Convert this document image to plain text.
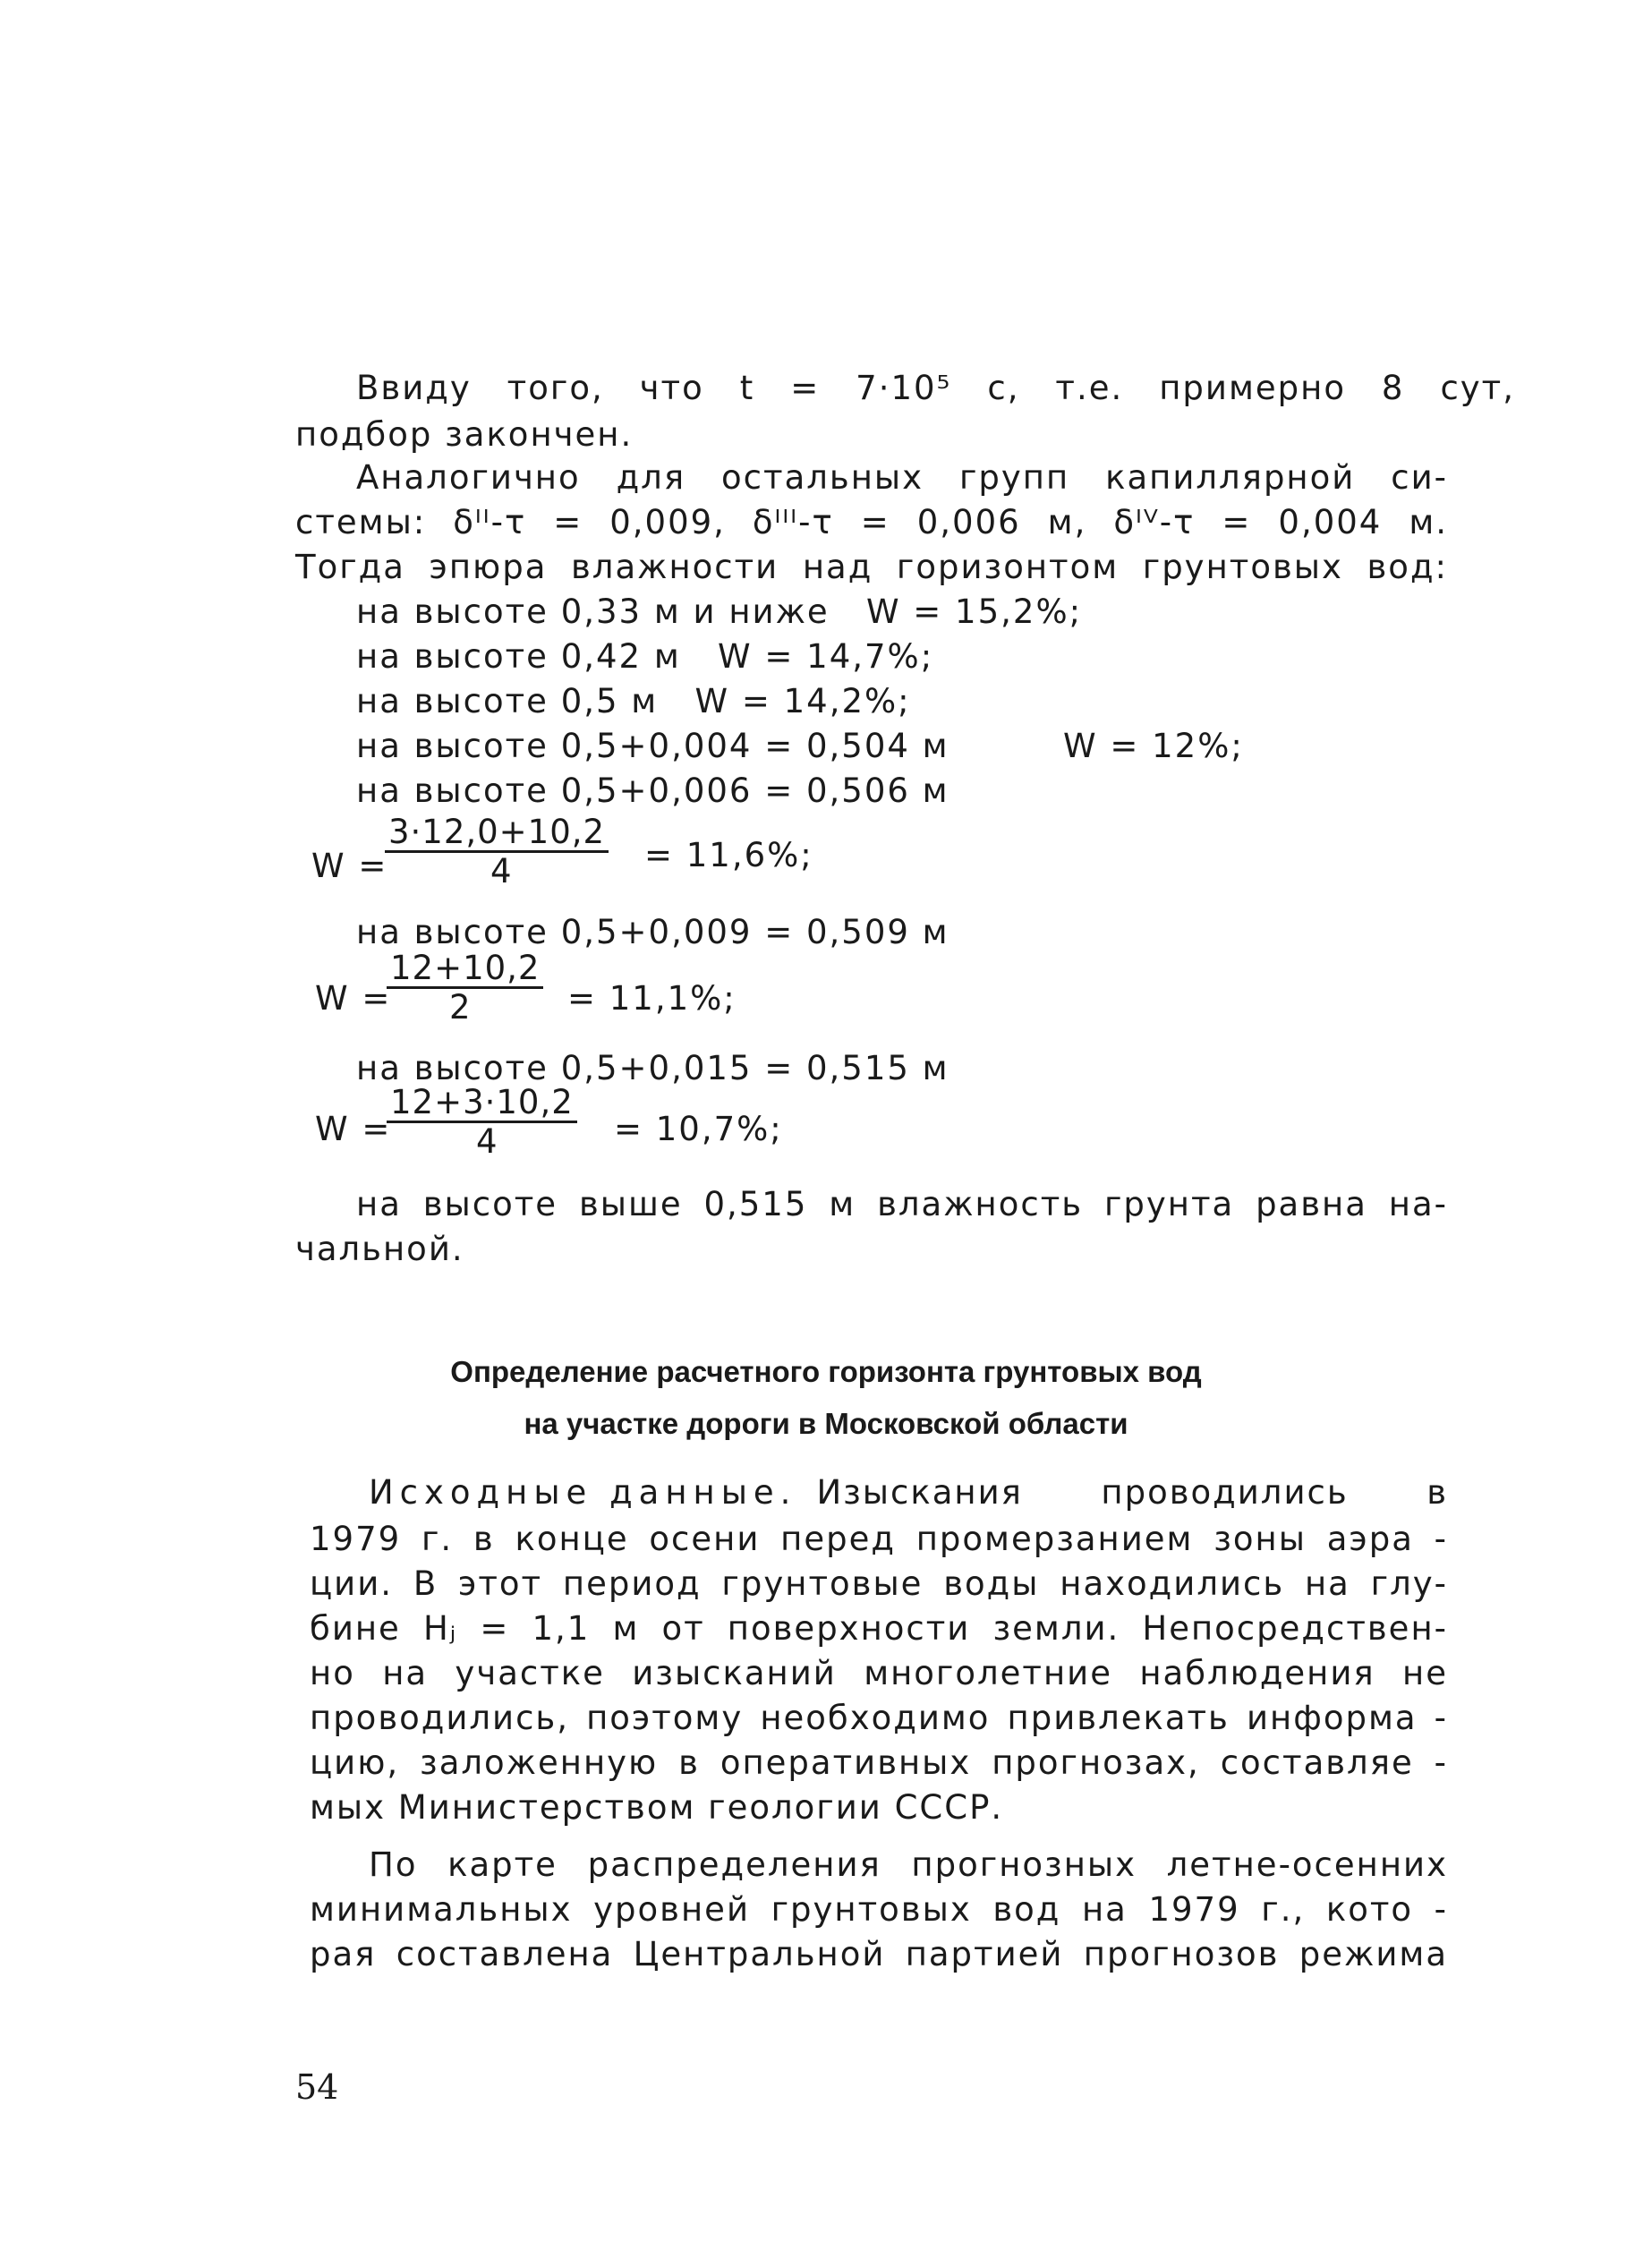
Ввиду того, что t = 7·10⁵ с, т.е. примерно 8 сут,
подбор закончен.
Аналогично для остальных групп капиллярной си-
стемы: δᴵᴵ-τ = 0,009, δᴵᴵᴵ-τ = 0,006 м, δᴵⱽ-τ = 0,004 м.
Тогда эпюра влажности над горизонтом грунтовых вод:
на высоте 0,33 м и ниже   W = 15,2%;
на высоте 0,42 м   W = 14,7%;
на высоте 0,5 м   W = 14,2%;
на высоте 0,5+0,004 = 0,504 м	W = 12%;
на высоте 0,5+0,006 = 0,506 м
W =
$\frac{3\cdot 12,0+10,2}{4}$
= 11,6%;
на высоте 0,5+0,009 = 0,509 м
W =
$\frac{12+10,2}{2}$
= 11,1%;
на высоте 0,5+0,015 = 0,515 м
W =
$\frac{12+3\cdot 10,2}{4}$
= 10,7%;
на высоте выше 0,515 м влажность грунта равна на-
чальной.
Определение расчетного горизонта грунтовых вод
на участке дороги в Московской области
Исходные данные. Изыскания проводились в
1979 г. в конце осени перед промерзанием зоны аэра -
ции. В этот период грунтовые воды находились на глу-
бине Hⱼ = 1,1 м от поверхности земли. Непосредствен-
но на участке изысканий многолетние наблюдения не
проводились, поэтому необходимо привлекать информа -
цию, заложенную в оперативных прогнозах, составляе -
мых Министерством геологии СССР.
По карте распределения прогнозных летне-осенних
минимальных уровней грунтовых вод на 1979 г., кото -
рая составлена Центральной партией прогнозов режима
54
